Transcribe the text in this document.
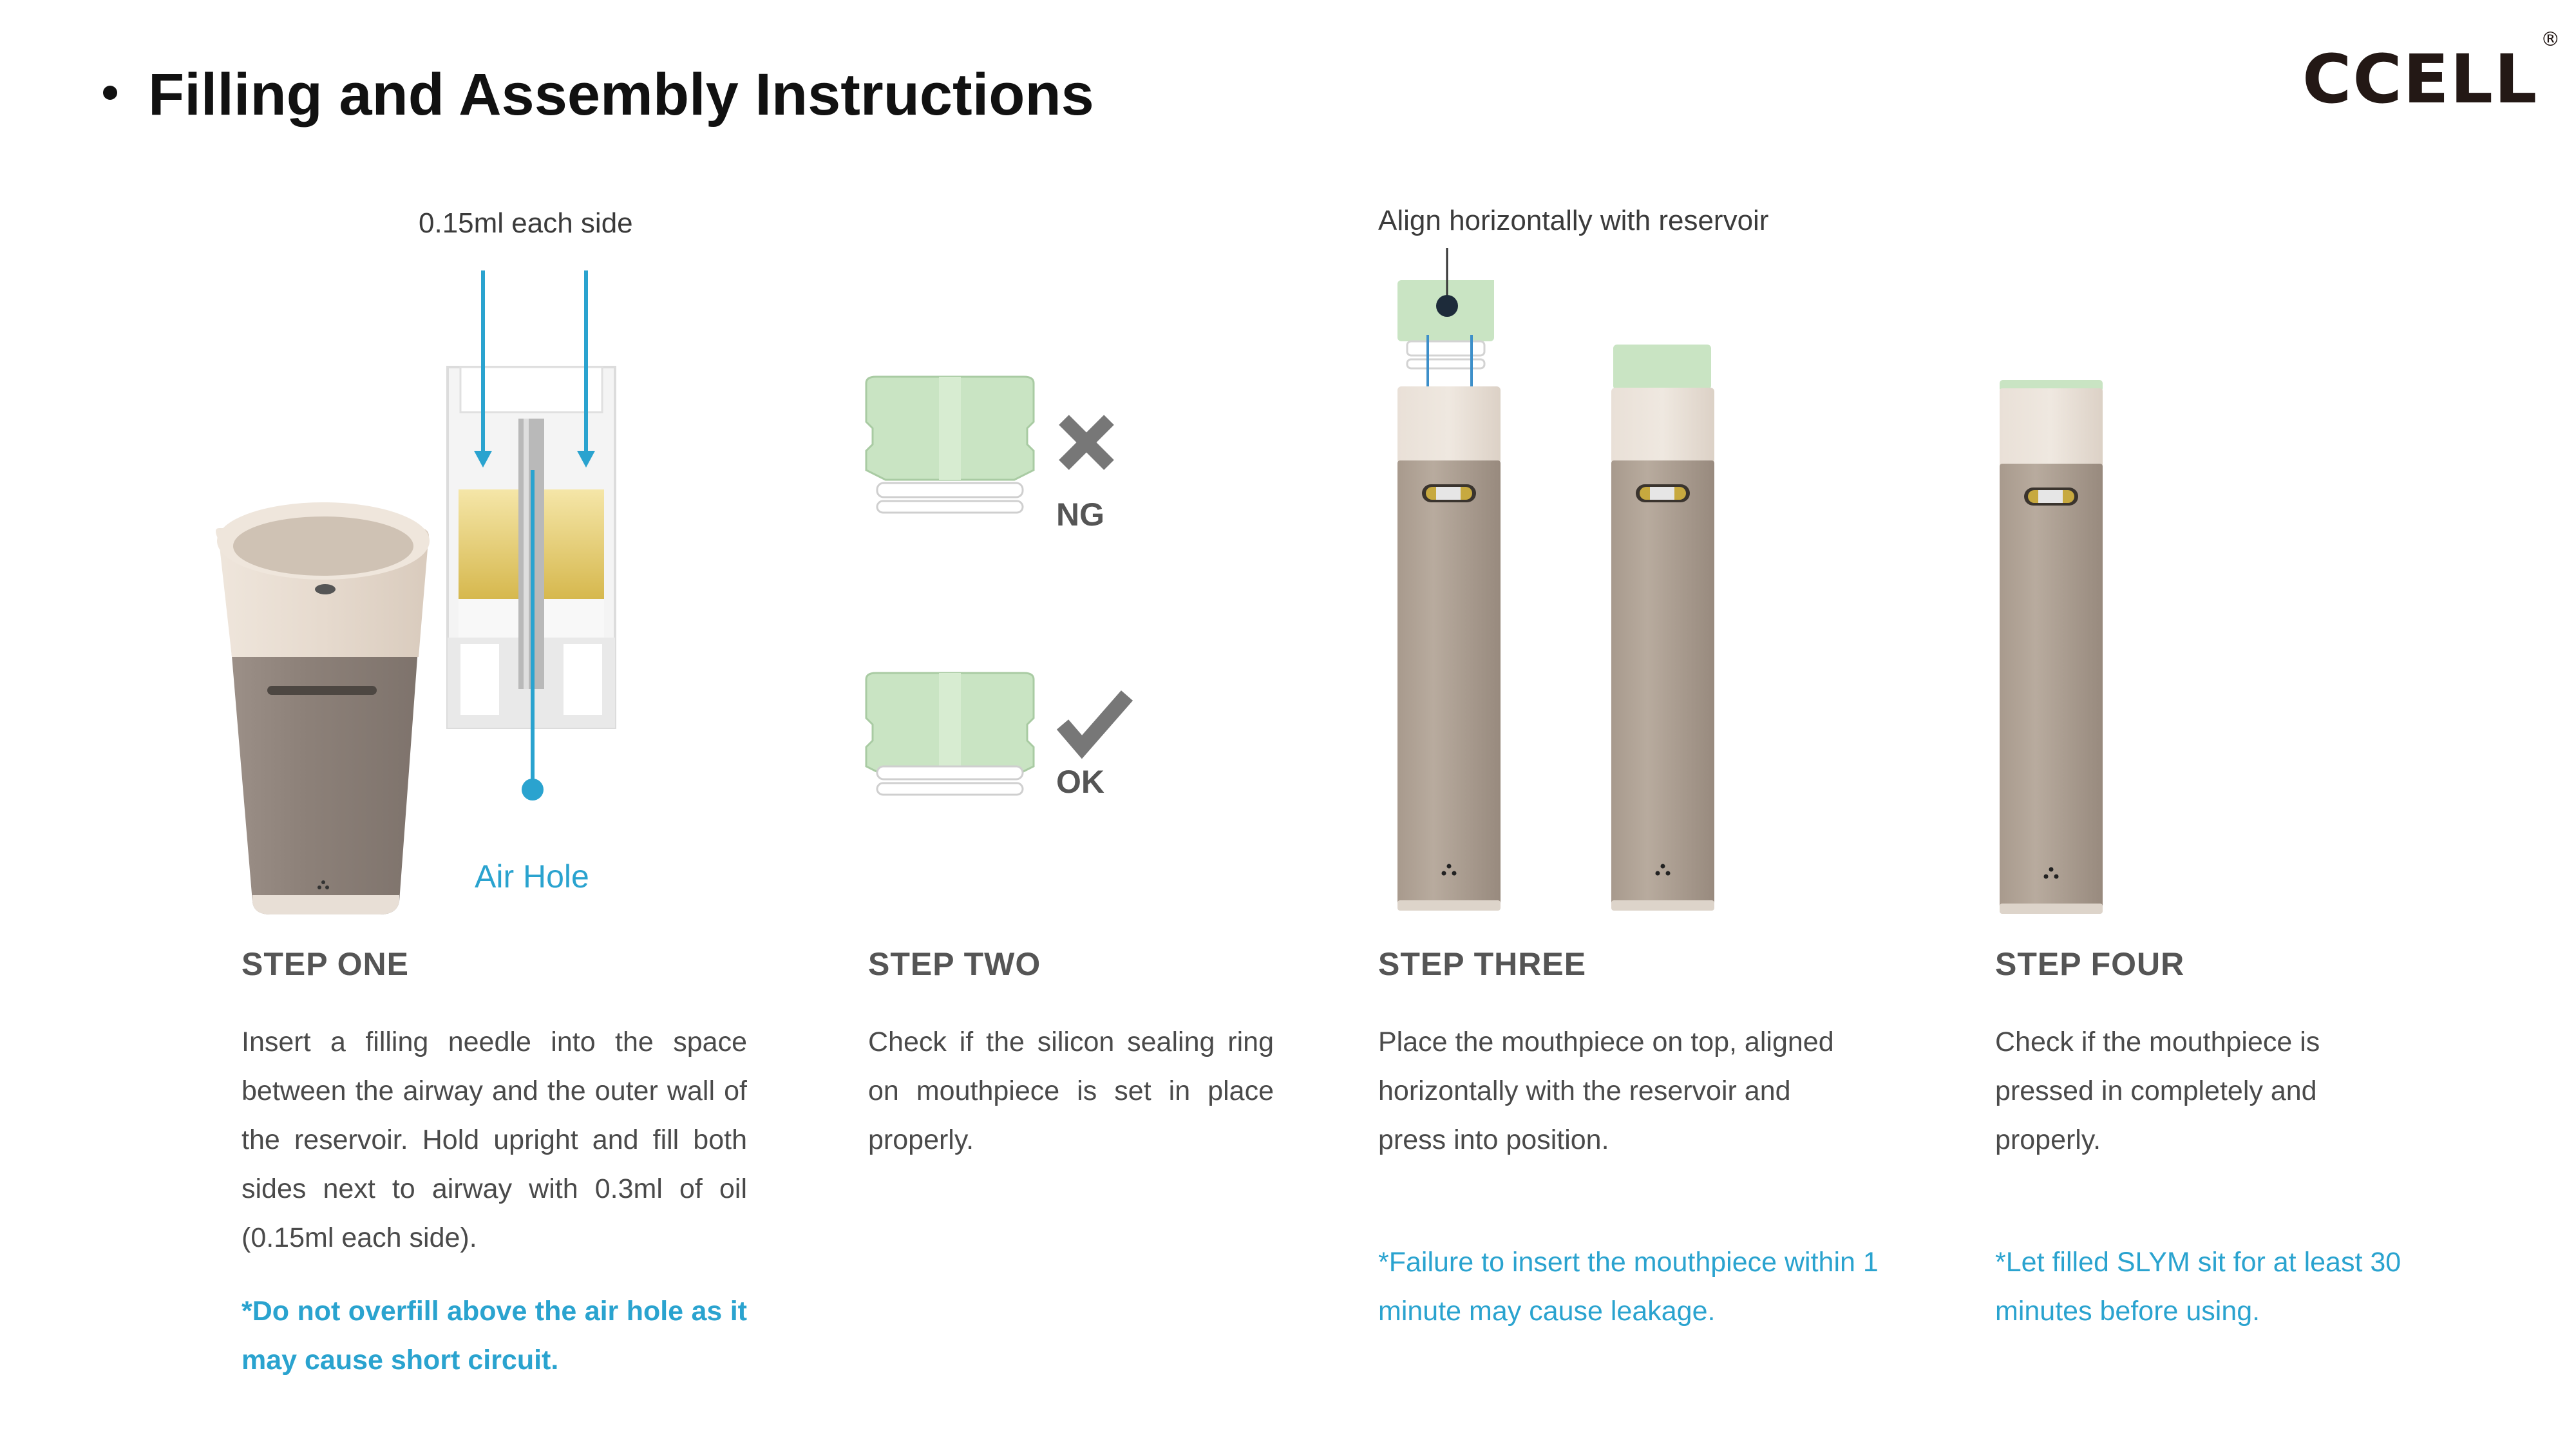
Filling and Assembly Instructions	CCELL®
0.15ml each side
Air Hole
NG
OK
Align horizontally with reservoir
STEP ONE
Insert a filling needle into the space between the airway and the outer wall of the reservoir. Hold upright and fill both sides next to airway with 0.3ml of oil (0.15ml each side).
*Do not overfill above the air hole as it may cause short circuit.
STEP TWO
Check if the silicon sealing ring on mouthpiece is set in place properly.
STEP THREE
Place the mouthpiece on top, aligned horizontally with the reservoir and press into position.
*Failure to insert the mouthpiece within 1 minute may cause leakage.
STEP FOUR
Check if the mouthpiece is pressed in completely and properly.
*Let filled SLYM sit for at least 30 minutes before using.
